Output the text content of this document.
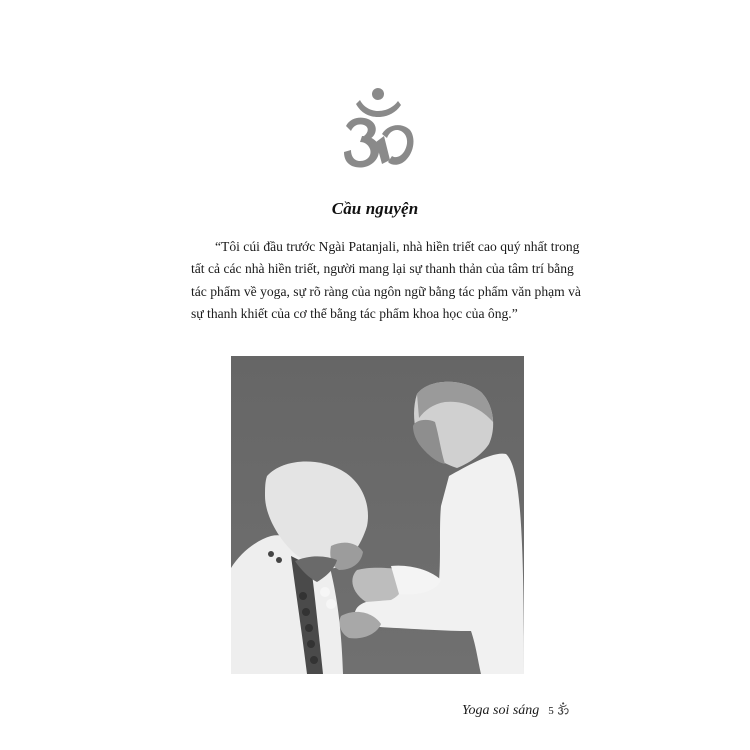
Cầu nguyện
“Tôi cúi đầu trước Ngài Patanjali, nhà hiền triết cao quý nhất trong
tất cả các nhà hiền triết, người mang lại sự thanh thản của tâm trí bằng
tác phẩm về yoga, sự rõ ràng của ngôn ngữ bằng tác phẩm văn phạm và
sự thanh khiết của cơ thể bằng tác phẩm khoa học của ông.”
Yoga soi sáng 5
